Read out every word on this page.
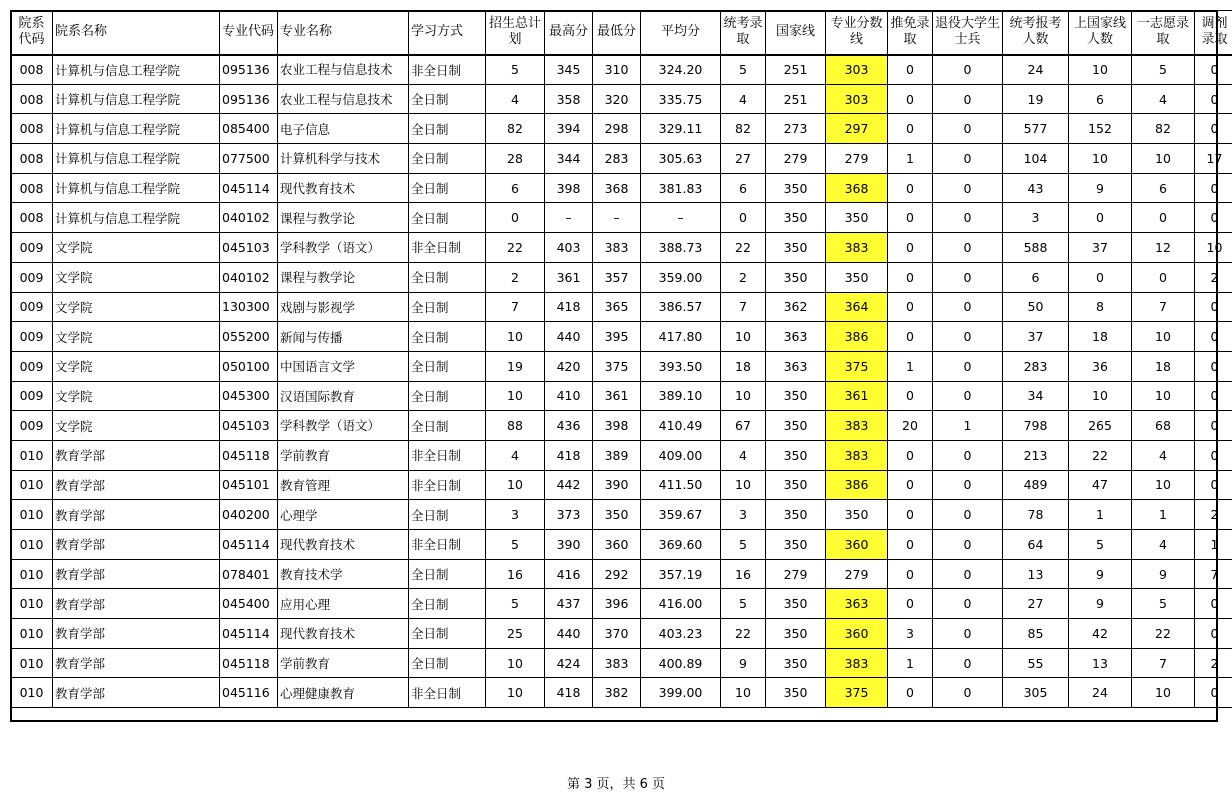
院系代码	院系名称	专业代码	专业名称	学习方式	招生总计划	最高分	最低分	平均分	统考录取	国家线	专业分数线	推免录取	退役大学生士兵	统考报考人数	上国家线人数	一志愿录取	调剂录取
008	计算机与信息工程学院	095136	农业工程与信息技术	非全日制	5	345	310	324.20	5	251	303	0	0	24	10	5	0
008	计算机与信息工程学院	095136	农业工程与信息技术	全日制	4	358	320	335.75	4	251	303	0	0	19	6	4	0
008	计算机与信息工程学院	085400	电子信息	全日制	82	394	298	329.11	82	273	297	0	0	577	152	82	0
008	计算机与信息工程学院	077500	计算机科学与技术	全日制	28	344	283	305.63	27	279	279	1	0	104	10	10	17
008	计算机与信息工程学院	045114	现代教育技术	全日制	6	398	368	381.83	6	350	368	0	0	43	9	6	0
008	计算机与信息工程学院	040102	课程与教学论	全日制	0	–	–	–	0	350	350	0	0	3	0	0	0
009	文学院	045103	学科教学（语文）	非全日制	22	403	383	388.73	22	350	383	0	0	588	37	12	10
009	文学院	040102	课程与教学论	全日制	2	361	357	359.00	2	350	350	0	0	6	0	0	2
009	文学院	130300	戏剧与影视学	全日制	7	418	365	386.57	7	362	364	0	0	50	8	7	0
009	文学院	055200	新闻与传播	全日制	10	440	395	417.80	10	363	386	0	0	37	18	10	0
009	文学院	050100	中国语言文学	全日制	19	420	375	393.50	18	363	375	1	0	283	36	18	0
009	文学院	045300	汉语国际教育	全日制	10	410	361	389.10	10	350	361	0	0	34	10	10	0
009	文学院	045103	学科教学（语文）	全日制	88	436	398	410.49	67	350	383	20	1	798	265	68	0
010	教育学部	045118	学前教育	非全日制	4	418	389	409.00	4	350	383	0	0	213	22	4	0
010	教育学部	045101	教育管理	非全日制	10	442	390	411.50	10	350	386	0	0	489	47	10	0
010	教育学部	040200	心理学	全日制	3	373	350	359.67	3	350	350	0	0	78	1	1	2
010	教育学部	045114	现代教育技术	非全日制	5	390	360	369.60	5	350	360	0	0	64	5	4	1
010	教育学部	078401	教育技术学	全日制	16	416	292	357.19	16	279	279	0	0	13	9	9	7
010	教育学部	045400	应用心理	全日制	5	437	396	416.00	5	350	363	0	0	27	9	5	0
010	教育学部	045114	现代教育技术	全日制	25	440	370	403.23	22	350	360	3	0	85	42	22	0
010	教育学部	045118	学前教育	全日制	10	424	383	400.89	9	350	383	1	0	55	13	7	2
010	教育学部	045116	心理健康教育	非全日制	10	418	382	399.00	10	350	375	0	0	305	24	10	0
第 3 页，共 6 页
